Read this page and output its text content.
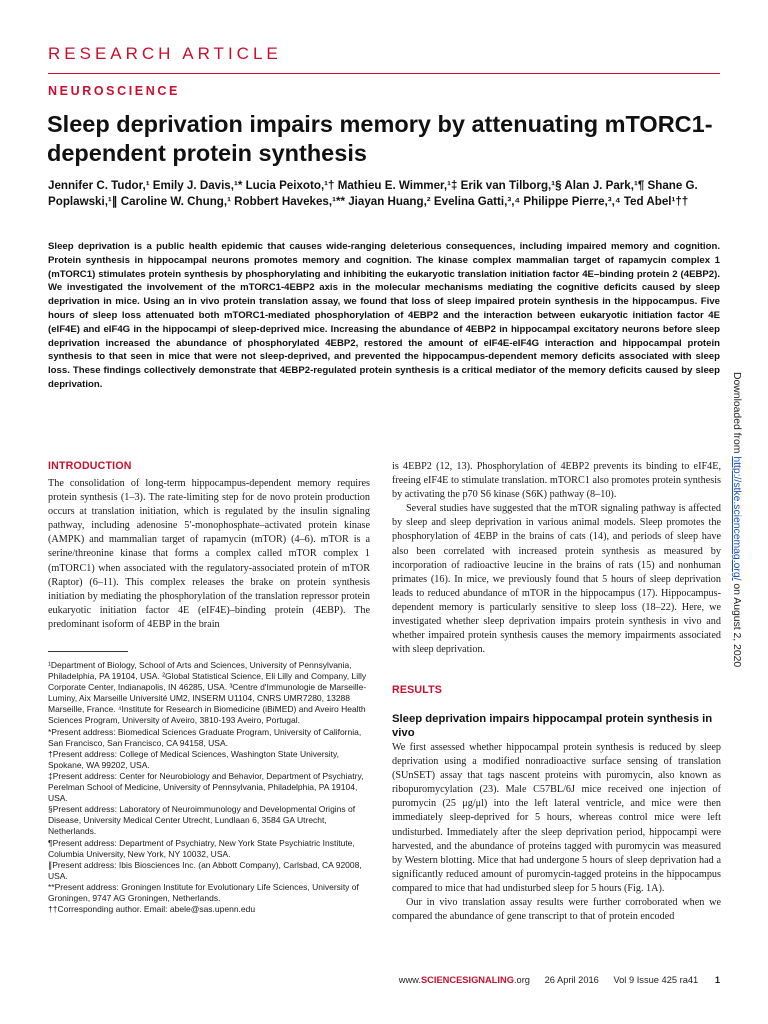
RESEARCH ARTICLE
NEUROSCIENCE
Sleep deprivation impairs memory by attenuating mTORC1-dependent protein synthesis
Jennifer C. Tudor,¹ Emily J. Davis,¹* Lucia Peixoto,¹† Mathieu E. Wimmer,¹‡ Erik van Tilborg,¹§ Alan J. Park,¹¶ Shane G. Poplawski,¹∥ Caroline W. Chung,¹ Robbert Havekes,¹** Jiayan Huang,² Evelina Gatti,³,⁴ Philippe Pierre,³,⁴ Ted Abel¹††
Sleep deprivation is a public health epidemic that causes wide-ranging deleterious consequences, including impaired memory and cognition. Protein synthesis in hippocampal neurons promotes memory and cognition. The kinase complex mammalian target of rapamycin complex 1 (mTORC1) stimulates protein synthesis by phosphorylating and inhibiting the eukaryotic translation initiation factor 4E–binding protein 2 (4EBP2). We investigated the involvement of the mTORC1-4EBP2 axis in the molecular mechanisms mediating the cognitive deficits caused by sleep deprivation in mice. Using an in vivo protein translation assay, we found that loss of sleep impaired protein synthesis in the hippocampus. Five hours of sleep loss attenuated both mTORC1-mediated phosphorylation of 4EBP2 and the interaction between eukaryotic initiation factor 4E (eIF4E) and eIF4G in the hippocampi of sleep-deprived mice. Increasing the abundance of 4EBP2 in hippocampal excitatory neurons before sleep deprivation increased the abundance of phosphorylated 4EBP2, restored the amount of eIF4E-eIF4G interaction and hippocampal protein synthesis to that seen in mice that were not sleep-deprived, and prevented the hippocampus-dependent memory deficits associated with sleep loss. These findings collectively demonstrate that 4EBP2-regulated protein synthesis is a critical mediator of the memory deficits caused by sleep deprivation.
INTRODUCTION

The consolidation of long-term hippocampus-dependent memory requires protein synthesis (1–3). The rate-limiting step for de novo protein production occurs at translation initiation, which is regulated by the insulin signaling pathway, including adenosine 5′-monophosphate–activated protein kinase (AMPK) and mammalian target of rapamycin (mTOR) (4–6). mTOR is a serine/threonine kinase that forms a complex called mTOR complex 1 (mTORC1) when associated with the regulatory-associated protein of mTOR (Raptor) (6–11). This complex releases the brake on protein synthesis initiation by mediating the phosphorylation of the translation repressor protein eukaryotic initiation factor 4E (eIF4E)–binding protein (4EBP). The predominant isoform of 4EBP in the brain

¹Department of Biology, School of Arts and Sciences, University of Pennsylvania, Philadelphia, PA 19104, USA. ²Global Statistical Science, Eli Lilly and Company, Lilly Corporate Center, Indianapolis, IN 46285, USA. ³Centre d'Immunologie de Marseille-Luminy, Aix Marseille Université UM2, INSERM U1104, CNRS UMR7280, 13288 Marseille, France. ⁴Institute for Research in Biomedicine (iBiMED) and Aveiro Health Sciences Program, University of Aveiro, 3810-193 Aveiro, Portugal.

*Present address: Biomedical Sciences Graduate Program, University of California, San Francisco, San Francisco, CA 94158, USA.

†Present address: College of Medical Sciences, Washington State University, Spokane, WA 99202, USA.

‡Present address: Center for Neurobiology and Behavior, Department of Psychiatry, Perelman School of Medicine, University of Pennsylvania, Philadelphia, PA 19104, USA.

§Present address: Laboratory of Neuroimmunology and Developmental Origins of Disease, University Medical Center Utrecht, Lundlaan 6, 3584 GA Utrecht, Netherlands.

¶Present address: Department of Psychiatry, New York State Psychiatric Institute, Columbia University, New York, NY 10032, USA.

∥Present address: Ibis Biosciences Inc. (an Abbott Company), Carlsbad, CA 92008, USA.

**Present address: Groningen Institute for Evolutionary Life Sciences, University of Groningen, 9747 AG Groningen, Netherlands.

††Corresponding author. Email: abele@sas.upenn.edu

is 4EBP2 (12, 13). Phosphorylation of 4EBP2 prevents its binding to eIF4E, freeing eIF4E to stimulate translation. mTORC1 also promotes protein synthesis by activating the p70 S6 kinase (S6K) pathway (8–10).

Several studies have suggested that the mTOR signaling pathway is affected by sleep and sleep deprivation in various animal models. Sleep promotes the phosphorylation of 4EBP in the brains of cats (14), and periods of sleep have also been correlated with increased protein synthesis as measured by incorporation of radioactive leucine in the brains of rats (15) and nonhuman primates (16). In mice, we previously found that 5 hours of sleep deprivation leads to reduced abundance of mTOR in the hippocampus (17). Hippocampus-dependent memory is particularly sensitive to sleep loss (18–22). Here, we investigated whether sleep deprivation impairs protein synthesis in vivo and whether impaired protein synthesis causes the memory impairments associated with sleep deprivation.

RESULTS
Sleep deprivation impairs hippocampal protein synthesis in vivo

We first assessed whether hippocampal protein synthesis is reduced by sleep deprivation using a modified nonradioactive surface sensing of translation (SUnSET) assay that tags nascent proteins with puromycin, also known as ribopuromycylation (23). Male C57BL/6J mice received one injection of puromycin (25 μg/μl) into the left lateral ventricle, and mice were then immediately sleep-deprived for 5 hours, whereas control mice were left undisturbed. Immediately after the sleep deprivation period, hippocampi were harvested, and the abundance of proteins tagged with puromycin was measured by Western blotting. Mice that had undergone 5 hours of sleep deprivation had a significantly reduced amount of puromycin-tagged proteins in the hippocampus compared to mice that had undisturbed sleep for 5 hours (Fig. 1A).

Our in vivo translation assay results were further corroborated when we compared the abundance of gene transcript to that of protein encoded

Downloaded from http://stke.sciencemag.org/ on August 2, 2020
www.SCIENCESIGNALING.org 26 April 2016 Vol 9 Issue 425 ra41 1
